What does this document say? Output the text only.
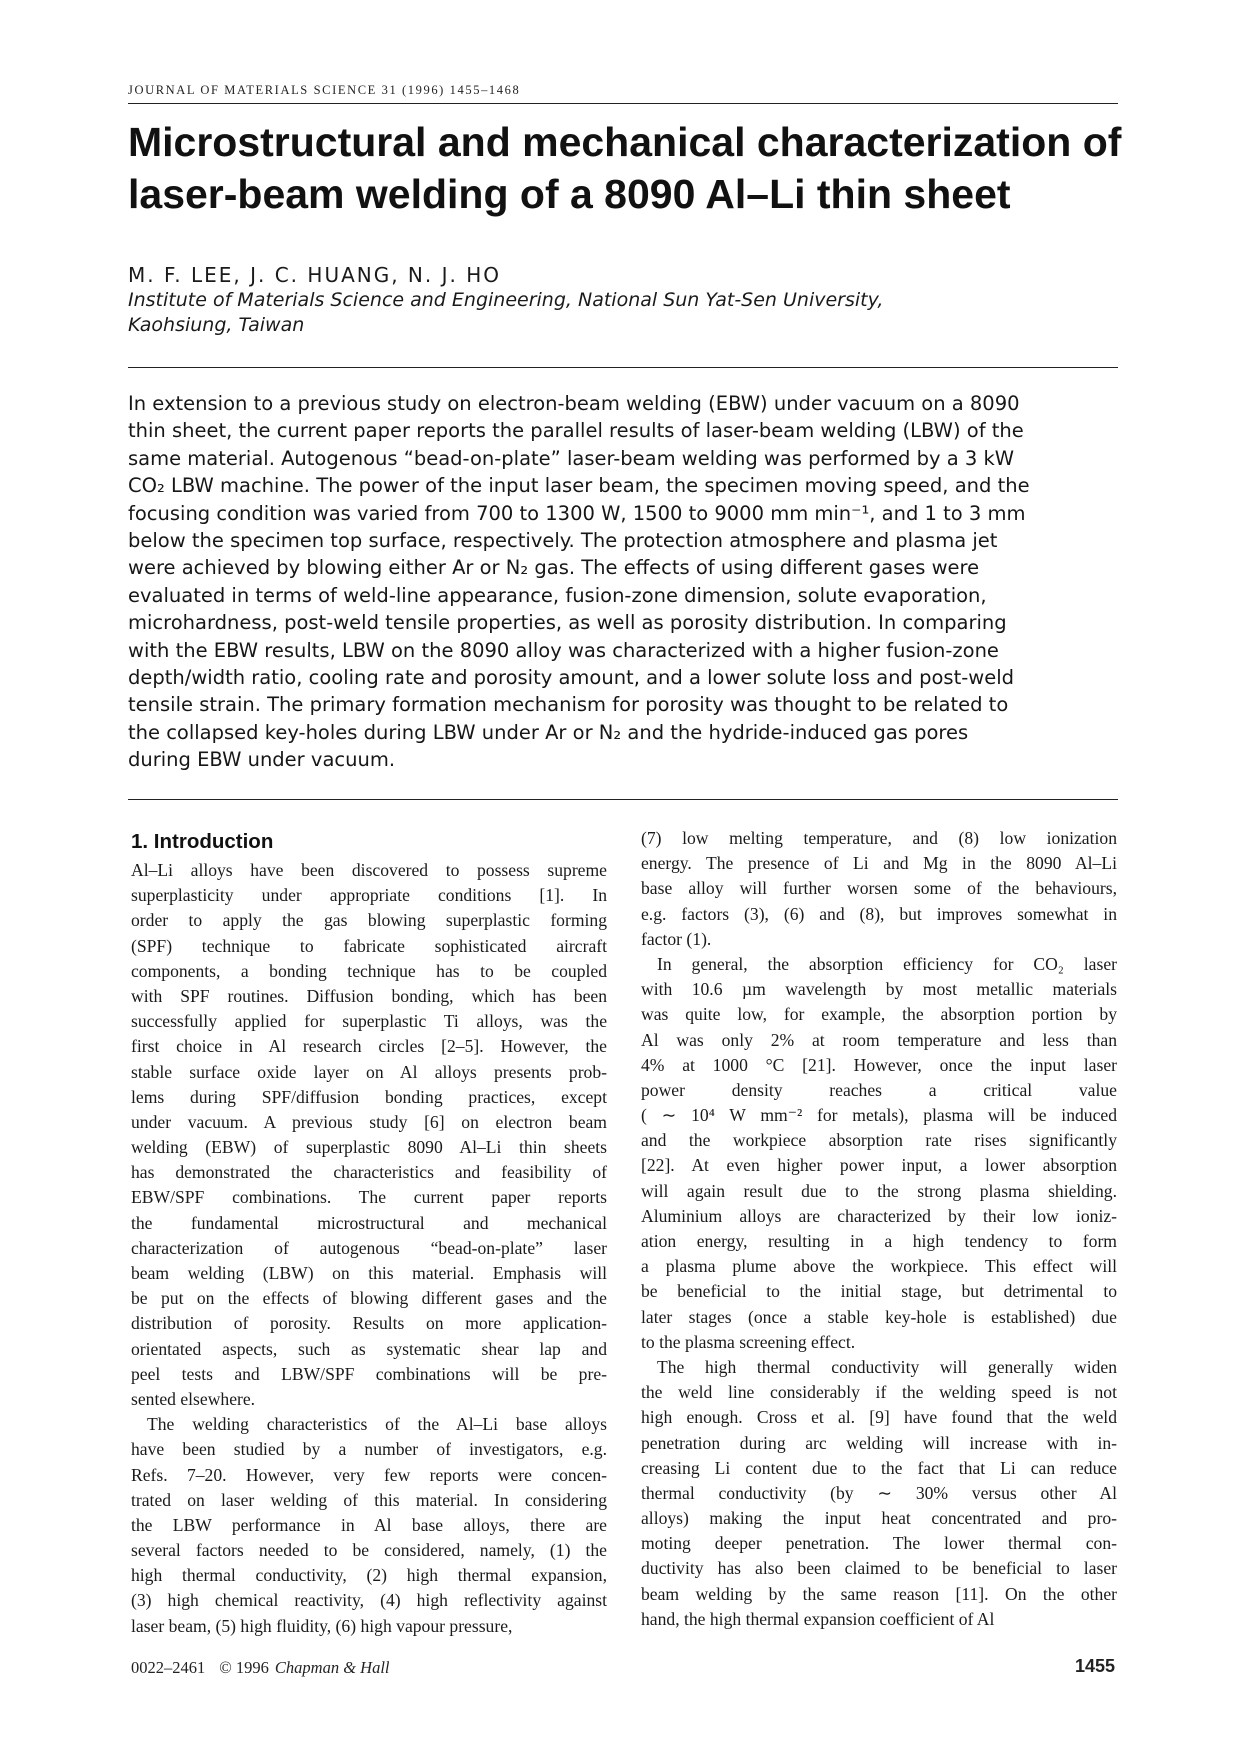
JOURNAL OF MATERIALS SCIENCE 31 (1996) 1455–1468
Microstructural and mechanical characterization of
laser-beam welding of a 8090 Al–Li thin sheet
M. F. LEE, J. C. HUANG, N. J. HO
Institute of Materials Science and Engineering, National Sun Yat-Sen University,
Kaohsiung, Taiwan
In extension to a previous study on electron-beam welding (EBW) under vacuum on a 8090
thin sheet, the current paper reports the parallel results of laser-beam welding (LBW) of the
same material. Autogenous “bead-on-plate” laser-beam welding was performed by a 3 kW
CO₂ LBW machine. The power of the input laser beam, the specimen moving speed, and the
focusing condition was varied from 700 to 1300 W, 1500 to 9000 mm min⁻¹, and 1 to 3 mm
below the specimen top surface, respectively. The protection atmosphere and plasma jet
were achieved by blowing either Ar or N₂ gas. The effects of using different gases were
evaluated in terms of weld-line appearance, fusion-zone dimension, solute evaporation,
microhardness, post-weld tensile properties, as well as porosity distribution. In comparing
with the EBW results, LBW on the 8090 alloy was characterized with a higher fusion-zone
depth/width ratio, cooling rate and porosity amount, and a lower solute loss and post-weld
tensile strain. The primary formation mechanism for porosity was thought to be related to
the collapsed key-holes during LBW under Ar or N₂ and the hydride-induced gas pores
during EBW under vacuum.
1. Introduction
Al–Li alloys have been discovered to possess supreme
superplasticity under appropriate conditions [1]. In
order to apply the gas blowing superplastic forming
(SPF) technique to fabricate sophisticated aircraft
components, a bonding technique has to be coupled
with SPF routines. Diffusion bonding, which has been
successfully applied for superplastic Ti alloys, was the
first choice in Al research circles [2–5]. However, the
stable surface oxide layer on Al alloys presents prob-
lems during SPF/diffusion bonding practices, except
under vacuum. A previous study [6] on electron beam
welding (EBW) of superplastic 8090 Al–Li thin sheets
has demonstrated the characteristics and feasibility of
EBW/SPF combinations. The current paper reports
the fundamental microstructural and mechanical
characterization of autogenous “bead-on-plate” laser
beam welding (LBW) on this material. Emphasis will
be put on the effects of blowing different gases and the
distribution of porosity. Results on more application-
orientated aspects, such as systematic shear lap and
peel tests and LBW/SPF combinations will be pre-
sented elsewhere.
The welding characteristics of the Al–Li base alloys
have been studied by a number of investigators, e.g.
Refs. 7–20. However, very few reports were concen-
trated on laser welding of this material. In considering
the LBW performance in Al base alloys, there are
several factors needed to be considered, namely, (1) the
high thermal conductivity, (2) high thermal expansion,
(3) high chemical reactivity, (4) high reflectivity against
laser beam, (5) high fluidity, (6) high vapour pressure,
(7) low melting temperature, and (8) low ionization
energy. The presence of Li and Mg in the 8090 Al–Li
base alloy will further worsen some of the behaviours,
e.g. factors (3), (6) and (8), but improves somewhat in
factor (1).
In general, the absorption efficiency for CO₂ laser
with 10.6 µm wavelength by most metallic materials
was quite low, for example, the absorption portion by
Al was only 2% at room temperature and less than
4% at 1000 °C [21]. However, once the input laser
power density reaches a critical value
( ∼ 10⁴ W mm⁻² for metals), plasma will be induced
and the workpiece absorption rate rises significantly
[22]. At even higher power input, a lower absorption
will again result due to the strong plasma shielding.
Aluminium alloys are characterized by their low ioniz-
ation energy, resulting in a high tendency to form
a plasma plume above the workpiece. This effect will
be beneficial to the initial stage, but detrimental to
later stages (once a stable key-hole is established) due
to the plasma screening effect.
The high thermal conductivity will generally widen
the weld line considerably if the welding speed is not
high enough. Cross et al. [9] have found that the weld
penetration during arc welding will increase with in-
creasing Li content due to the fact that Li can reduce
thermal conductivity (by ∼ 30% versus other Al
alloys) making the input heat concentrated and pro-
moting deeper penetration. The lower thermal con-
ductivity has also been claimed to be beneficial to laser
beam welding by the same reason [11]. On the other
hand, the high thermal expansion coefficient of Al
0022–2461 © 1996 Chapman & Hall	1455
